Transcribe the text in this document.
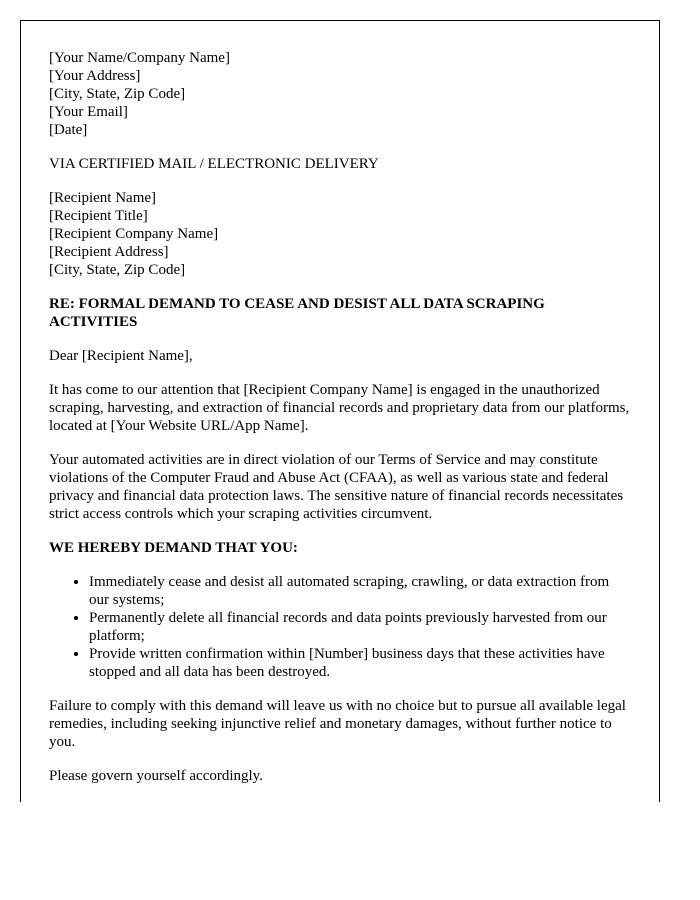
[Your Name/Company Name]
[Your Address]
[City, State, Zip Code]
[Your Email]
[Date]

VIA CERTIFIED MAIL / ELECTRONIC DELIVERY

[Recipient Name]
[Recipient Title]
[Recipient Company Name]
[Recipient Address]
[City, State, Zip Code]

RE: FORMAL DEMAND TO CEASE AND DESIST ALL DATA SCRAPING ACTIVITIES

Dear [Recipient Name],

It has come to our attention that [Recipient Company Name] is engaged in the unauthorized scraping, harvesting, and extraction of financial records and proprietary data from our platforms, located at [Your Website URL/App Name].

Your automated activities are in direct violation of our Terms of Service and may constitute violations of the Computer Fraud and Abuse Act (CFAA), as well as various state and federal privacy and financial data protection laws. The sensitive nature of financial records necessitates strict access controls which your scraping activities circumvent.

WE HEREBY DEMAND THAT YOU:

• Immediately cease and desist all automated scraping, crawling, or data extraction from our systems;
• Permanently delete all financial records and data points previously harvested from our platform;
• Provide written confirmation within [Number] business days that these activities have stopped and all data has been destroyed.

Failure to comply with this demand will leave us with no choice but to pursue all available legal remedies, including seeking injunctive relief and monetary damages, without further notice to you.

Please govern yourself accordingly.
